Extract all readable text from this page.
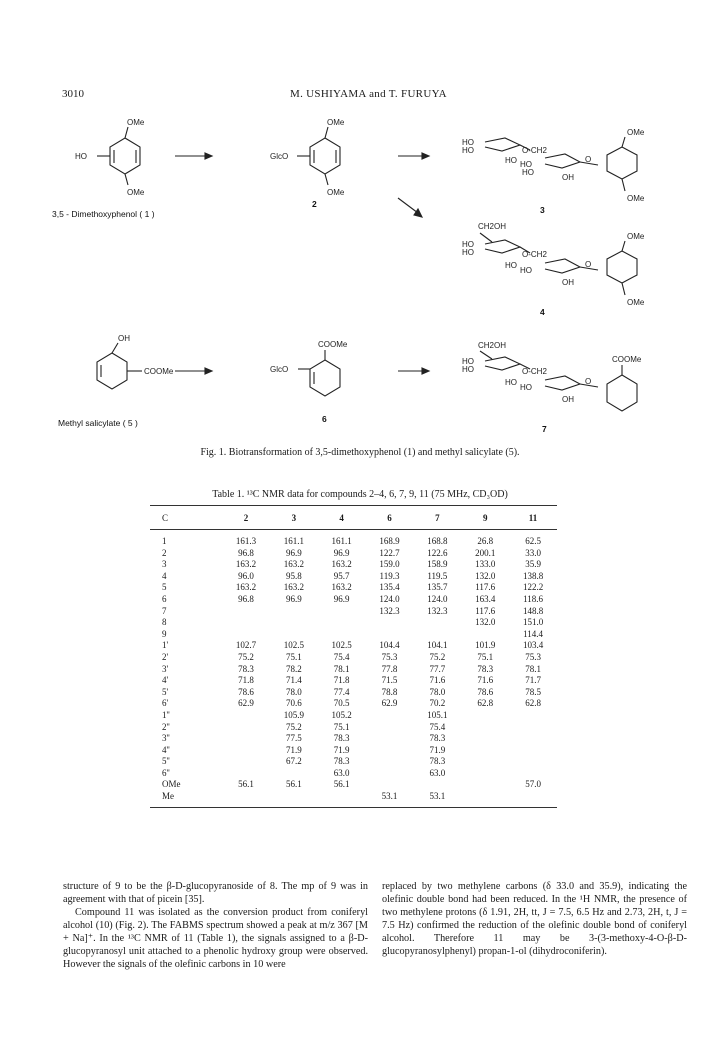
3010	M. USHIYAMA and T. FURUYA
OMe
OMe
HO
OMe
OMe
GlcO
HO
HO	O-CH2
HO HO
HO
OH
O
OMe
OMe
CH2OH
HO
HO	O-CH2
HO
HO
OH
O
OMe
OMe
OH
COOMe
COOMe
GlcO
CH2OH
HO
HO	O-CH2
HO
HO
OH
O
COOMe
3,5 - Dimethoxyphenol ( 1 )
2
3
4
Methyl salicylate ( 5 )	6
7
Fig. 1. Biotransformation of 3,5-dimethoxyphenol (1) and methyl salicylate (5).
Table 1. ¹³C NMR data for compounds 2–4, 6, 7, 9, 11 (75 MHz, CD₃OD)
C	2	3	4	6	7	9	11
1	161.3	161.1	161.1	168.9	168.8	26.8	62.5
2	96.8	96.9	96.9	122.7	122.6	200.1	33.0
3	163.2	163.2	163.2	159.0	158.9	133.0	35.9
4	96.0	95.8	95.7	119.3	119.5	132.0	138.8
5	163.2	163.2	163.2	135.4	135.7	117.6	122.2
6	96.8	96.9	96.9	124.0	124.0	163.4	118.6
7				132.3	132.3	117.6	148.8
8						132.0	151.0
9							114.4
1'	102.7	102.5	102.5	104.4	104.1	101.9	103.4
2'	75.2	75.1	75.4	75.3	75.2	75.1	75.3
3'	78.3	78.2	78.1	77.8	77.7	78.3	78.1
4'	71.8	71.4	71.8	71.5	71.6	71.6	71.7
5'	78.6	78.0	77.4	78.8	78.0	78.6	78.5
6'	62.9	70.6	70.5	62.9	70.2	62.8	62.8
1''		105.9	105.2		105.1		
2''		75.2	75.1		75.4		
3''		77.5	78.3		78.3		
4''		71.9	71.9		71.9		
5''		67.2	78.3		78.3		
6''			63.0		63.0		
OMe	56.1	56.1	56.1				57.0
Me				53.1	53.1		

structure of 9 to be the β-D-glucopyranoside of 8. The mp of 9 was in agreement with that of picein [35].

Compound 11 was isolated as the conversion product from coniferyl alcohol (10) (Fig. 2). The FABMS spectrum showed a peak at m/z 367 [M + Na]⁺. In the ¹³C NMR of 11 (Table 1), the signals assigned to a β-D-glucopyranosyl unit attached to a phenolic hydroxy group were observed. However the signals of the olefinic carbons in 10 were

replaced by two methylene carbons (δ 33.0 and 35.9), indicating the olefinic double bond had been reduced. In the ¹H NMR, the presence of two methylene protons (δ 1.91, 2H, tt, J = 7.5, 6.5 Hz and 2.73, 2H, t, J = 7.5 Hz) confirmed the reduction of the olefinic double bond of coniferyl alcohol. Therefore 11 may be 3-(3-methoxy-4-O-β-D-glucopyranosylphenyl) propan-1-ol (dihydroconiferin).
